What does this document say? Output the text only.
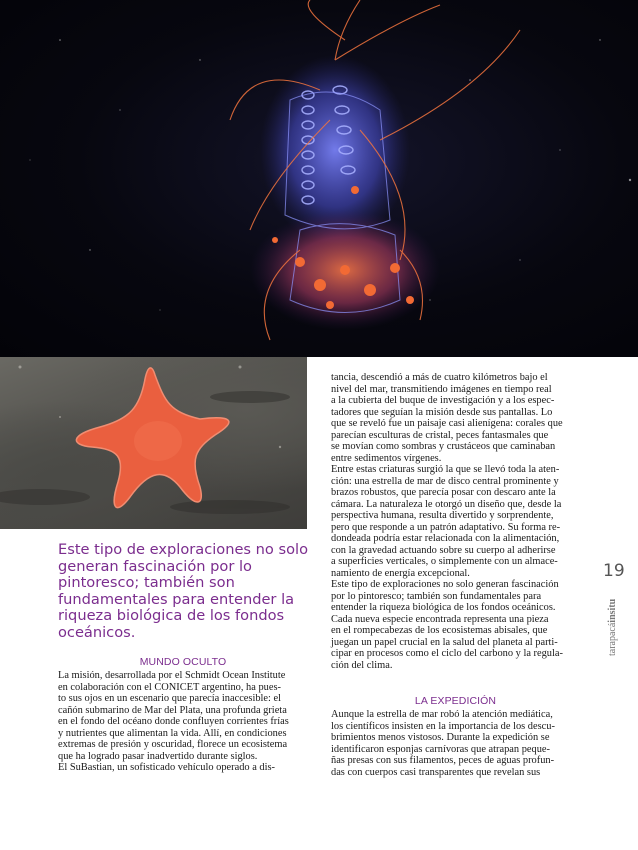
Este tipo de exploraciones no solo generan fascinación por lo pintoresco; también son fundamentales para entender la riqueza biológica de los fondos oceánicos.

MUNDO OCULTO
La misión, desarrollada por el Schmidt Ocean Institute
en colaboración con el CONICET argentino, ha pues-
to sus ojos en un escenario que parecía inaccesible: el
cañón submarino de Mar del Plata, una profunda grieta
en el fondo del océano donde confluyen corrientes frías
y nutrientes que alimentan la vida. Allí, en condiciones
extremas de presión y oscuridad, florece un ecosistema
que ha logrado pasar inadvertido durante siglos.
El SuBastian, un sofisticado vehículo operado a dis-
tancia, descendió a más de cuatro kilómetros bajo el
nivel del mar, transmitiendo imágenes en tiempo real
a la cubierta del buque de investigación y a los espec-
tadores que seguían la misión desde sus pantallas. Lo
que se reveló fue un paisaje casi alienígena: corales que
parecían esculturas de cristal, peces fantasmales que
se movían como sombras y crustáceos que caminaban
entre sedimentos vírgenes.
Entre estas criaturas surgió la que se llevó toda la aten-
ción: una estrella de mar de disco central prominente y
brazos robustos, que parecía posar con descaro ante la
cámara. La naturaleza le otorgó un diseño que, desde la
perspectiva humana, resulta divertido y sorprendente,
pero que responde a un patrón adaptativo. Su forma re-
dondeada podría estar relacionada con la alimentación,
con la gravedad actuando sobre su cuerpo al adherirse
a superficies verticales, o simplemente con un almace-
namiento de energía excepcional.
Este tipo de exploraciones no solo generan fascinación
por lo pintoresco; también son fundamentales para
entender la riqueza biológica de los fondos oceánicos.
Cada nueva especie encontrada representa una pieza
en el rompecabezas de los ecosistemas abisales, que
juegan un papel crucial en la salud del planeta al parti-
cipar en procesos como el ciclo del carbono y la regula-
ción del clima.
LA EXPEDICIÓN
Aunque la estrella de mar robó la atención mediática,
los científicos insisten en la importancia de los descu-
brimientos menos vistosos. Durante la expedición se
identificaron esponjas carnívoras que atrapan peque-
ñas presas con sus filamentos, peces de aguas profun-
das con cuerpos casi transparentes que revelan sus

19

tarapacáinsitu
